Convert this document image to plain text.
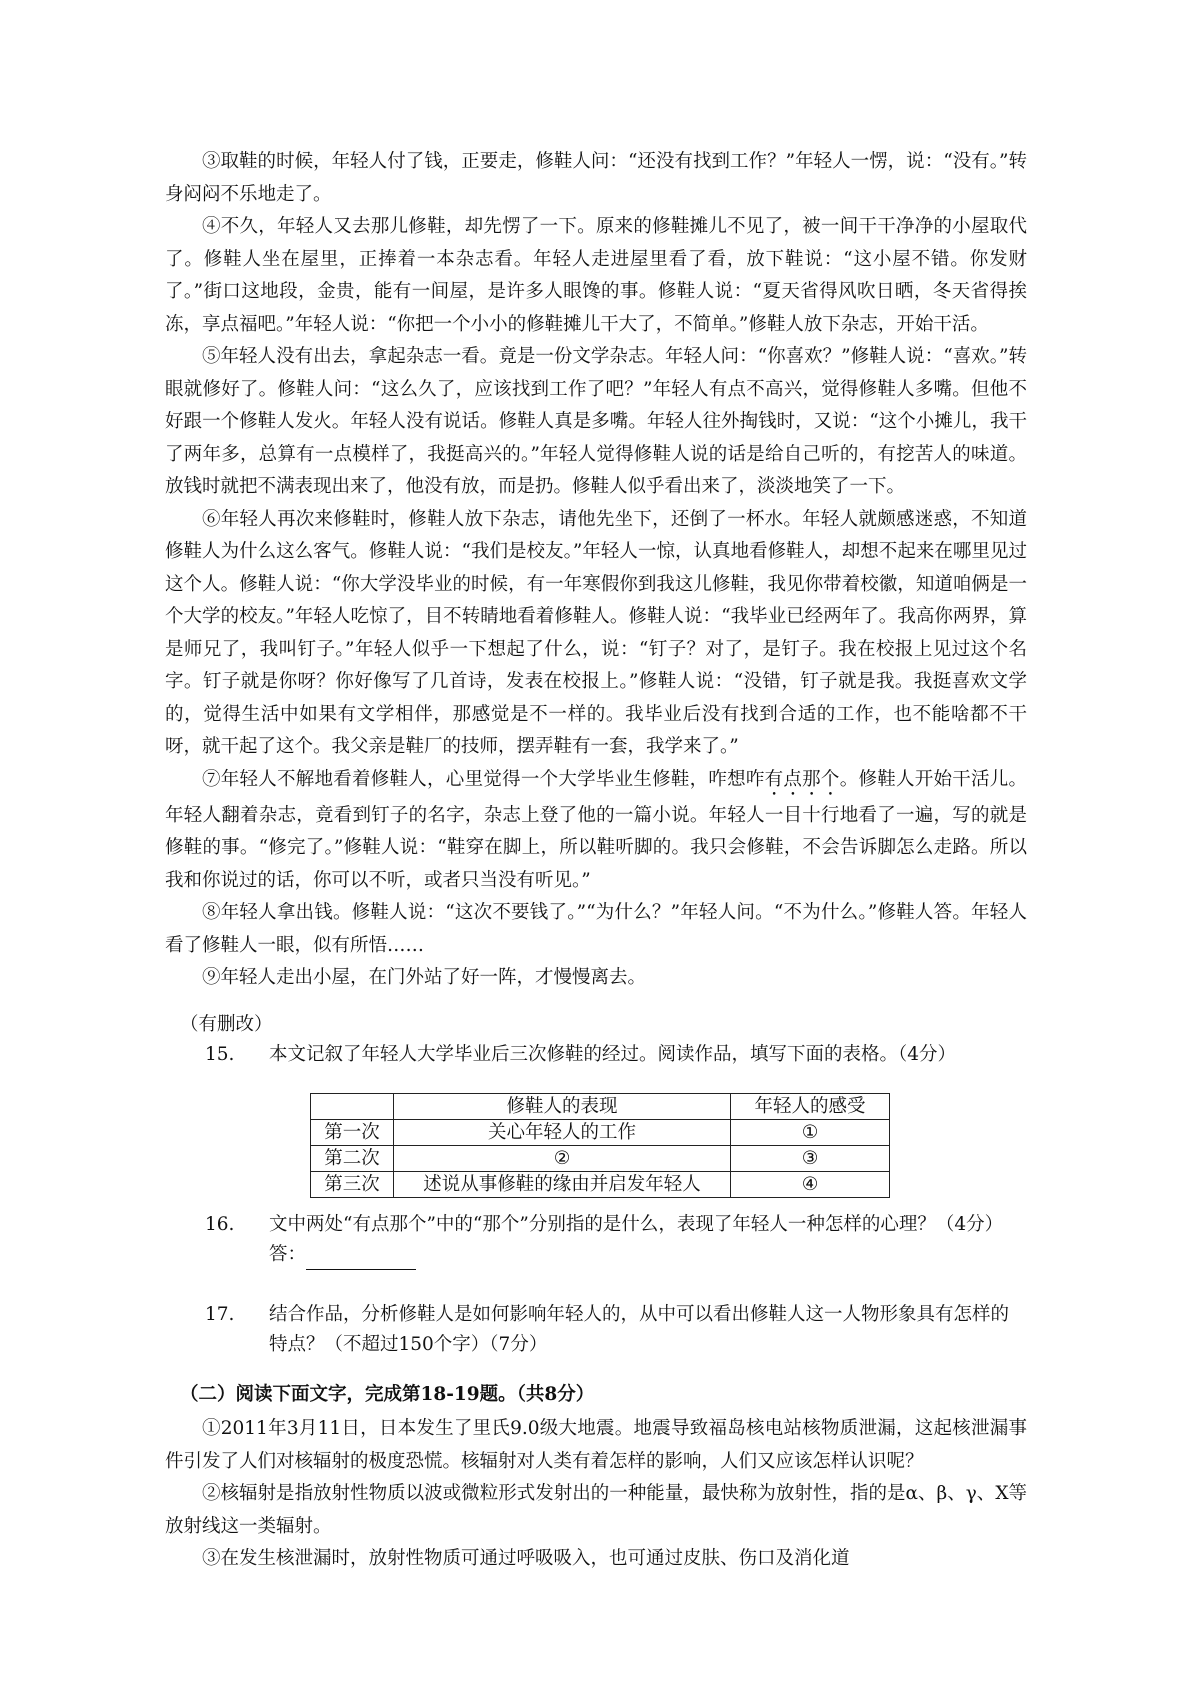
③取鞋的时候，年轻人付了钱，正要走，修鞋人问：“还没有找到工作？”年轻人一愣，说：“没有。”转身闷闷不乐地走了。

④不久，年轻人又去那儿修鞋，却先愣了一下。原来的修鞋摊儿不见了，被一间干干净净的小屋取代了。修鞋人坐在屋里，正捧着一本杂志看。年轻人走进屋里看了看，放下鞋说：“这小屋不错。你发财了。”街口这地段，金贵，能有一间屋，是许多人眼馋的事。修鞋人说：“夏天省得风吹日晒，冬天省得挨冻，享点福吧。”年轻人说：“你把一个小小的修鞋摊儿干大了，不简单。”修鞋人放下杂志，开始干活。

⑤年轻人没有出去，拿起杂志一看。竟是一份文学杂志。年轻人问：“你喜欢？”修鞋人说：“喜欢。”转眼就修好了。修鞋人问：“这么久了，应该找到工作了吧？”年轻人有点不高兴，觉得修鞋人多嘴。但他不好跟一个修鞋人发火。年轻人没有说话。修鞋人真是多嘴。年轻人往外掏钱时，又说：“这个小摊儿，我干了两年多，总算有一点模样了，我挺高兴的。”年轻人觉得修鞋人说的话是给自己听的，有挖苦人的味道。放钱时就把不满表现出来了，他没有放，而是扔。修鞋人似乎看出来了，淡淡地笑了一下。

⑥年轻人再次来修鞋时，修鞋人放下杂志，请他先坐下，还倒了一杯水。年轻人就颇感迷惑，不知道修鞋人为什么这么客气。修鞋人说：“我们是校友。”年轻人一惊，认真地看修鞋人，却想不起来在哪里见过这个人。修鞋人说：“你大学没毕业的时候，有一年寒假你到我这儿修鞋，我见你带着校徽，知道咱俩是一个大学的校友。”年轻人吃惊了，目不转睛地看着修鞋人。修鞋人说：“我毕业已经两年了。我高你两界，算是师兄了，我叫钉子。”年轻人似乎一下想起了什么，说：“钉子？对了，是钉子。我在校报上见过这个名字。钉子就是你呀？你好像写了几首诗，发表在校报上。”修鞋人说：“没错，钉子就是我。我挺喜欢文学的，觉得生活中如果有文学相伴，那感觉是不一样的。我毕业后没有找到合适的工作，也不能啥都不干呀，就干起了这个。我父亲是鞋厂的技师，摆弄鞋有一套，我学来了。”

⑦年轻人不解地看着修鞋人，心里觉得一个大学毕业生修鞋，咋想咋有点那个。修鞋人开始干活儿。年轻人翻着杂志，竟看到钉子的名字，杂志上登了他的一篇小说。年轻人一目十行地看了一遍，写的就是修鞋的事。“修完了。”修鞋人说：“鞋穿在脚上，所以鞋听脚的。我只会修鞋，不会告诉脚怎么走路。所以我和你说过的话，你可以不听，或者只当没有听见。”

⑧年轻人拿出钱。修鞋人说：“这次不要钱了。”“为什么？”年轻人问。“不为什么。”修鞋人答。年轻人看了修鞋人一眼，似有所悟……

⑨年轻人走出小屋，在门外站了好一阵，才慢慢离去。

（有删改）
15. 本文记叙了年轻人大学毕业后三次修鞋的经过。阅读作品，填写下面的表格。（4分）
	修鞋人的表现	年轻人的感受
第一次	关心年轻人的工作	①
第二次	②	③
第三次	述说从事修鞋的缘由并启发年轻人	④
16. 文中两处“有点那个”中的“那个”分别指的是什么，表现了年轻人一种怎样的心理？（4分）
答：
17. 结合作品，分析修鞋人是如何影响年轻人的，从中可以看出修鞋人这一人物形象具有怎样的特点？（不超过150个字）（7分）
（二）阅读下面文字，完成第18-19题。（共8分）

①2011年3月11日，日本发生了里氏9.0级大地震。地震导致福岛核电站核物质泄漏，这起核泄漏事件引发了人们对核辐射的极度恐慌。核辐射对人类有着怎样的影响，人们又应该怎样认识呢？

②核辐射是指放射性物质以波或微粒形式发射出的一种能量，最快称为放射性，指的是α、β、γ、X等放射线这一类辐射。

③在发生核泄漏时，放射性物质可通过呼吸吸入，也可通过皮肤、伤口及消化道
